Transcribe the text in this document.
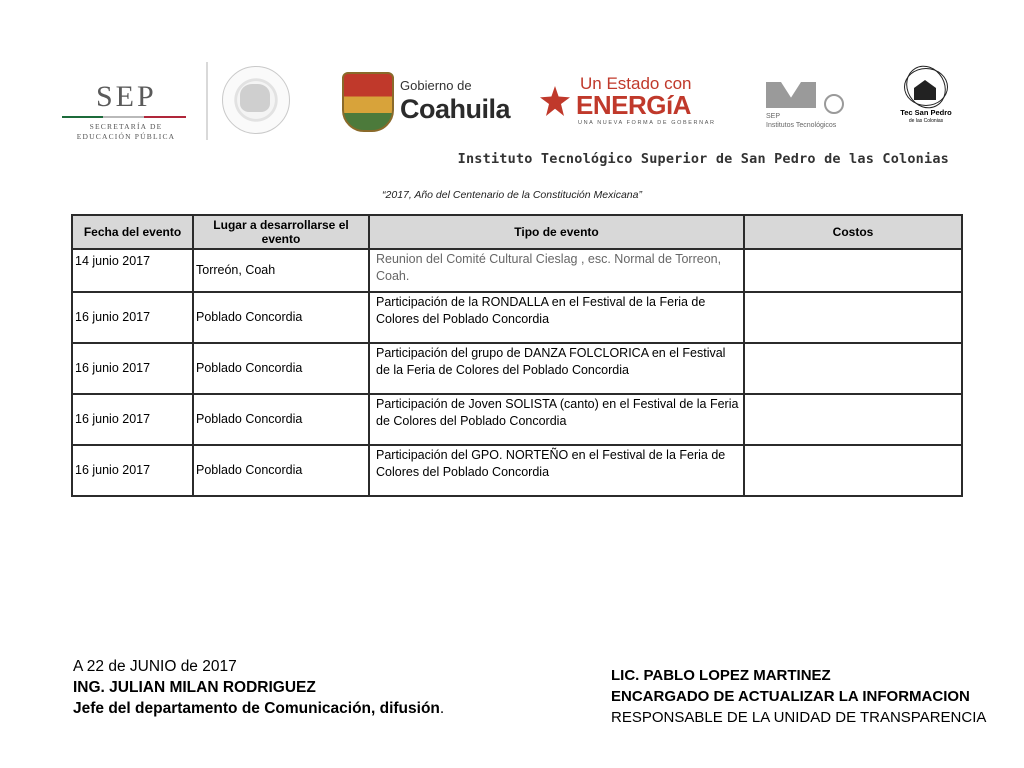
SEP
SECRETARÍA DE
EDUCACIÓN PÚBLICA
Gobierno de
Coahuila
Un Estado con
ENERGíA
UNA NUEVA FORMA DE GOBERNAR
SEP
Institutos Tecnológicos
Tec San Pedro
de las Colonias
Instituto Tecnológico Superior de San Pedro de las Colonias
“2017, Año del Centenario de la Constitución Mexicana”
Fecha del evento	Lugar a desarrollarse el evento	Tipo de evento	Costos
14 junio 2017	Torreón, Coah	Reunion del Comité Cultural Cieslag , esc. Normal de Torreon, Coah.	
16 junio 2017	Poblado Concordia	Participación de la RONDALLA en el Festival de la Feria de Colores del Poblado Concordia	
16 junio 2017	Poblado Concordia	Participación del grupo de DANZA FOLCLORICA en el Festival de la Feria de Colores del Poblado Concordia	
16 junio 2017	Poblado Concordia	Participación de Joven SOLISTA (canto) en el Festival de la Feria de Colores del Poblado Concordia	
16 junio 2017	Poblado Concordia	Participación del GPO. NORTEÑO en el Festival de la Feria de Colores del Poblado Concordia	
A 22 de JUNIO de 2017
ING. JULIAN MILAN RODRIGUEZ
Jefe del departamento de Comunicación, difusión.
LIC. PABLO LOPEZ MARTINEZ
ENCARGADO DE ACTUALIZAR LA INFORMACION
RESPONSABLE DE LA UNIDAD DE TRANSPARENCIA
